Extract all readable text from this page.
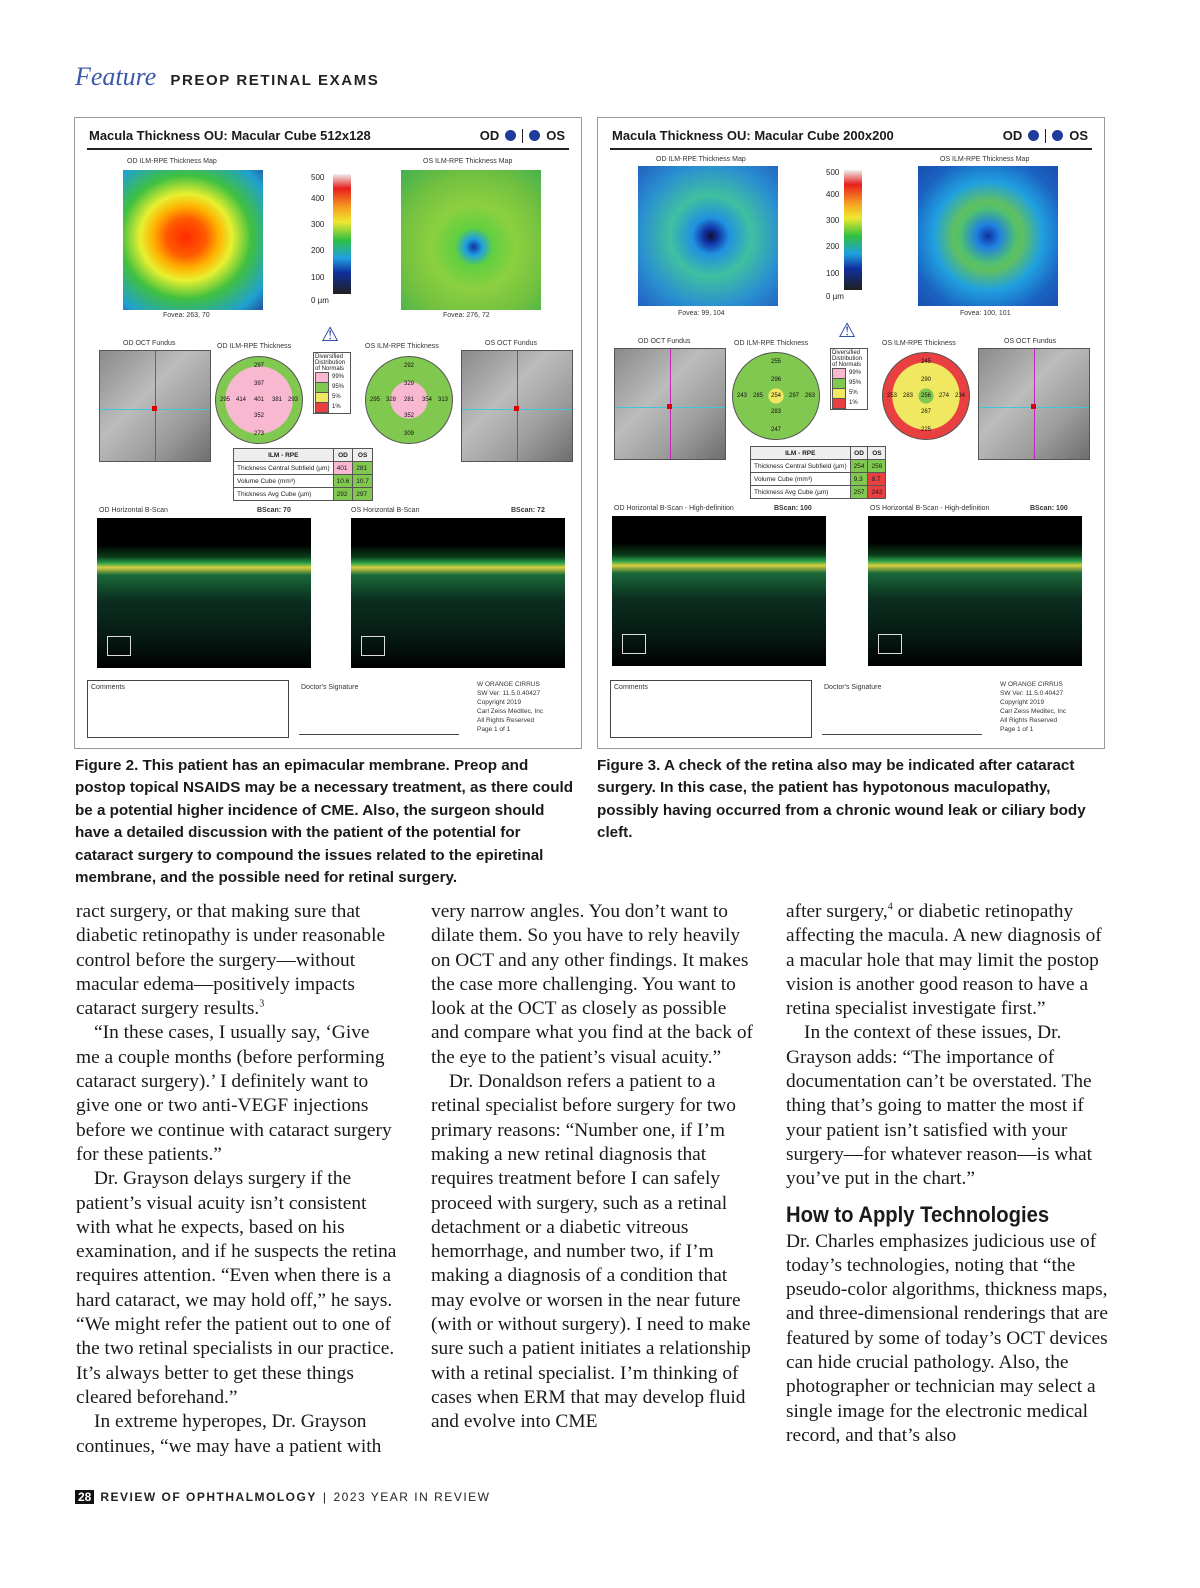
Feature PREOP RETINAL EXAMS
Macula Thickness OU: Macular Cube 512x128	OD	OS
OD ILM-RPE Thickness Map	OS ILM-RPE Thickness Map
500
400
300
200
100
0 µm
Fovea: 263, 70	Fovea: 276, 72
⚠
OD OCT Fundus	OD ILM-RPE Thickness	OS ILM-RPE Thickness	OS OCT Fundus
297
397
295 414 401 381 293
352
273
Diversified Distribution of Normals
99%
95%
5%
1%
292
329
295 328 281 354 313
352
309
ILM - RPE	OD	OS
Thickness Central Subfield (µm)	401	281
Volume Cube (mm³)	10.6	10.7
Thickness Avg Cube (µm)	292	297
OD Horizontal B-Scan	BScan: 70	OS Horizontal B-Scan	BScan: 72
Comments	Doctor's Signature	W ORANGE CIRRUS
SW Ver: 11.5.0.40427
Copyright 2019
Carl Zeiss Meditec, Inc
All Rights Reserved
Page 1 of 1
Macula Thickness OU: Macular Cube 200x200	OD	OS
OD ILM-RPE Thickness Map	OS ILM-RPE Thickness Map
500
400
300
200
100
0 µm
Fovea: 99, 104	Fovea: 100, 101
⚠
OD OCT Fundus	OD ILM-RPE Thickness	OS ILM-RPE Thickness	OS OCT Fundus
255
296
243 285 254 297 263
283
247
Diversified Distribution of Normals
99%
95%
5%
1%
245
290
253 283 256 274 234
267
225
ILM - RPE	OD	OS
Thickness Central Subfield (µm)	254	256
Volume Cube (mm³)	9.3	8.7
Thickness Avg Cube (µm)	257	242
OD Horizontal B-Scan - High-definition	BScan: 100	OS Horizontal B-Scan - High-definition	BScan: 100
Comments	Doctor's Signature	W ORANGE CIRRUS
SW Ver: 11.5.0.40427
Copyright 2019
Carl Zeiss Meditec, Inc
All Rights Reserved
Page 1 of 1
Figure 2. This patient has an epimacular membrane. Preop and postop topical NSAIDS may be a necessary treatment, as there could be a potential higher incidence of CME. Also, the surgeon should have a detailed discussion with the patient of the potential for cataract surgery to compound the issues related to the epiretinal membrane, and the possible need for retinal surgery.
Figure 3. A check of the retina also may be indicated after cataract surgery. In this case, the patient has hypotonous maculopathy, possibly having occurred from a chronic wound leak or ciliary body cleft.

ract surgery, or that making sure that diabetic retinopathy is under reasonable control before the surgery—without macular edema—positively impacts cataract surgery results.$^3$

“In these cases, I usually say, ‘Give me a couple months (before performing cataract surgery).’ I definitely want to give one or two anti-VEGF injections before we continue with cataract surgery for these patients.”

Dr. Grayson delays surgery if the patient’s visual acuity isn’t consistent with what he expects, based on his examination, and if he suspects the retina requires attention. “Even when there is a hard cataract, we may hold off,” he says. “We might refer the patient out to one of the two retinal specialists in our practice. It’s always better to get these things cleared beforehand.”

In extreme hyperopes, Dr. Grayson continues, “we may have a patient with

very narrow angles. You don’t want to dilate them. So you have to rely heavily on OCT and any other findings. It makes the case more challenging. You want to look at the OCT as closely as possible and compare what you find at the back of the eye to the patient’s visual acuity.”

Dr. Donaldson refers a patient to a retinal specialist before surgery for two primary reasons: “Number one, if I’m making a new retinal diagnosis that requires treatment before I can safely proceed with surgery, such as a retinal detachment or a diabetic vitreous hemorrhage, and number two, if I’m making a diagnosis of a condition that may evolve or worsen in the near future (with or without surgery). I need to make sure such a patient initiates a relationship with a retinal specialist. I’m thinking of cases when ERM that may develop fluid and evolve into CME

after surgery,$^4$ or diabetic retinopathy affecting the macula. A new diagnosis of a macular hole that may limit the postop vision is another good reason to have a retina specialist investigate first.”

In the context of these issues, Dr. Grayson adds: “The importance of documentation can’t be overstated. The thing that’s going to matter the most if your patient isn’t satisfied with your surgery—for whatever reason—is what you’ve put in the chart.”

How to Apply Technologies

Dr. Charles emphasizes judicious use of today’s technologies, noting that “the pseudo-color algorithms, thickness maps, and three-dimensional renderings that are featured by some of today’s OCT devices can hide crucial pathology. Also, the photographer or technician may select a single image for the electronic medical record, and that’s also

28 REVIEW OF OPHTHALMOLOGY | 2023 YEAR IN REVIEW
